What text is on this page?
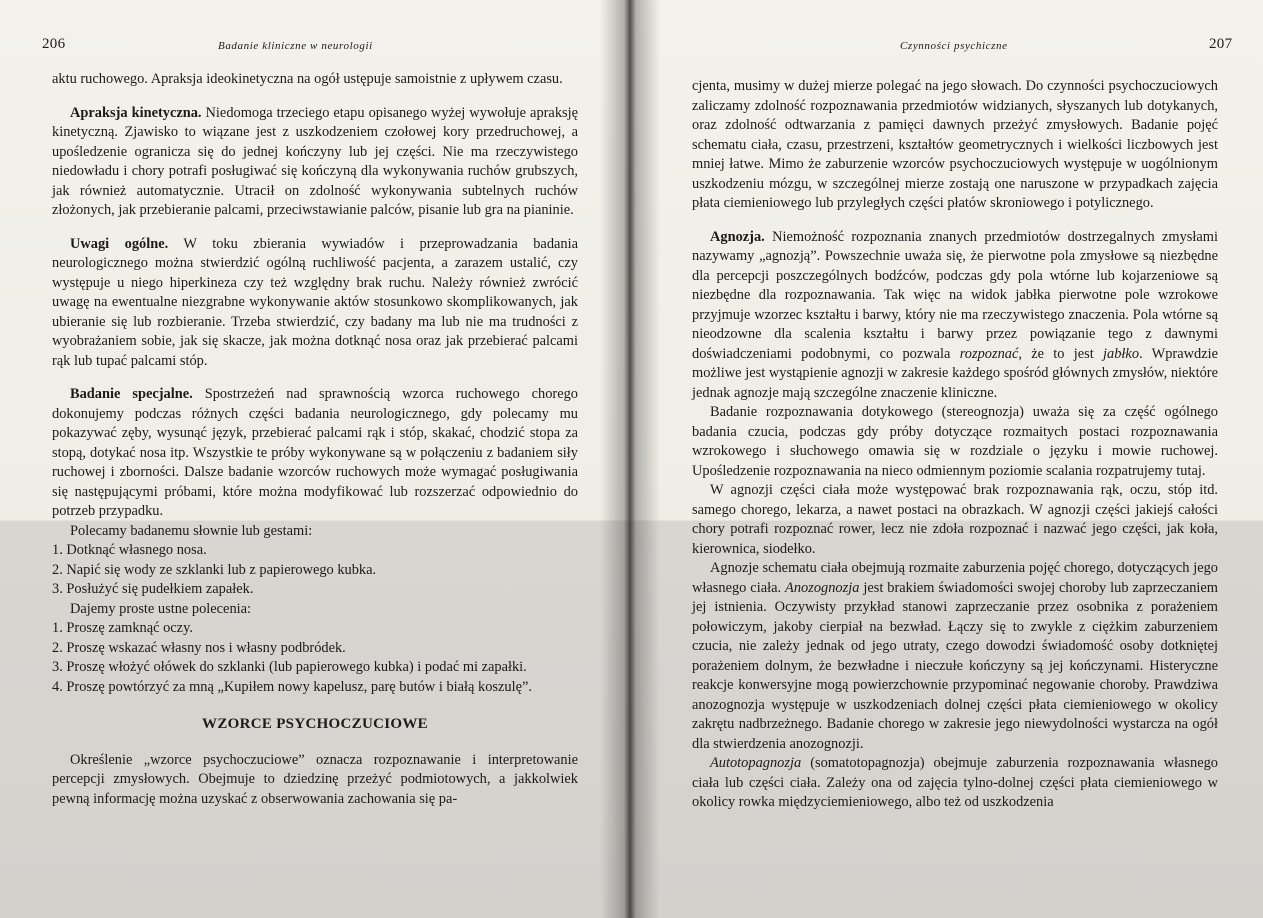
206	Badanie kliniczne w neurologii

aktu ruchowego. Apraksja ideokinetyczna na ogół ustępuje samoistnie z upływem czasu.

Apraksja kinetyczna. Niedomoga trzeciego etapu opisanego wyżej wywołuje apraksję kinetyczną. Zjawisko to wiązane jest z uszkodzeniem czołowej kory przedruchowej, a upośledzenie ogranicza się do jednej kończyny lub jej części. Nie ma rzeczywistego niedowładu i chory potrafi posługiwać się kończyną dla wykonywania ruchów grubszych, jak również automatycznie. Utracił on zdolność wykonywania subtelnych ruchów złożonych, jak przebieranie palcami, przeciwstawianie palców, pisanie lub gra na pianinie.

Uwagi ogólne. W toku zbierania wywiadów i przeprowadzania badania neurologicznego można stwierdzić ogólną ruchliwość pacjenta, a zarazem ustalić, czy występuje u niego hiperkineza czy też względny brak ruchu. Należy również zwrócić uwagę na ewentualne niezgrabne wykonywanie aktów stosunkowo skomplikowanych, jak ubieranie się lub rozbieranie. Trzeba stwierdzić, czy badany ma lub nie ma trudności z wyobrażaniem sobie, jak się skacze, jak można dotknąć nosa oraz jak przebierać palcami rąk lub tupać palcami stóp.

Badanie specjalne. Spostrzeżeń nad sprawnością wzorca ruchowego chorego dokonujemy podczas różnych części badania neurologicznego, gdy polecamy mu pokazywać zęby, wysunąć język, przebierać palcami rąk i stóp, skakać, chodzić stopa za stopą, dotykać nosa itp. Wszystkie te próby wykonywane są w połączeniu z badaniem siły ruchowej i zborności. Dalsze badanie wzorców ruchowych może wymagać posługiwania się następującymi próbami, które można modyfikować lub rozszerzać odpowiednio do potrzeb przypadku.

Polecamy badanemu słownie lub gestami:

1. Dotknąć własnego nosa.
2. Napić się wody ze szklanki lub z papierowego kubka.
3. Posłużyć się pudełkiem zapałek.

Dajemy proste ustne polecenia:

1. Proszę zamknąć oczy.
2. Proszę wskazać własny nos i własny podbródek.
3. Proszę włożyć ołówek do szklanki (lub papierowego kubka) i podać mi zapałki.
4. Proszę powtórzyć za mną „Kupiłem nowy kapelusz, parę butów i białą koszulę”.
WZORCE PSYCHOCZUCIOWE

Określenie „wzorce psychoczuciowe” oznacza rozpoznawanie i interpretowanie percepcji zmysłowych. Obejmuje to dziedzinę przeżyć podmiotowych, a jakkolwiek pewną informację można uzyskać z obserwowania zachowania się pa-

Czynności psychiczne	207

cjenta, musimy w dużej mierze polegać na jego słowach. Do czynności psychoczuciowych zaliczamy zdolność rozpoznawania przedmiotów widzianych, słyszanych lub dotykanych, oraz zdolność odtwarzania z pamięci dawnych przeżyć zmysłowych. Badanie pojęć schematu ciała, czasu, przestrzeni, kształtów geometrycznych i wielkości liczbowych jest mniej łatwe. Mimo że zaburzenie wzorców psychoczuciowych występuje w uogólnionym uszkodzeniu mózgu, w szczególnej mierze zostają one naruszone w przypadkach zajęcia płata ciemieniowego lub przyległych części płatów skroniowego i potylicznego.

Agnozja. Niemożność rozpoznania znanych przedmiotów dostrzegalnych zmysłami nazywamy „agnozją”. Powszechnie uważa się, że pierwotne pola zmysłowe są niezbędne dla percepcji poszczególnych bodźców, podczas gdy pola wtórne lub kojarzeniowe są niezbędne dla rozpoznawania. Tak więc na widok jabłka pierwotne pole wzrokowe przyjmuje wzorzec kształtu i barwy, który nie ma rzeczywistego znaczenia. Pola wtórne są nieodzowne dla scalenia kształtu i barwy przez powiązanie tego z dawnymi doświadczeniami podobnymi, co pozwala rozpoznać, że to jest jabłko. Wprawdzie możliwe jest wystąpienie agnozji w zakresie każdego spośród głównych zmysłów, niektóre jednak agnozje mają szczególne znaczenie kliniczne.

Badanie rozpoznawania dotykowego (stereognozja) uważa się za część ogólnego badania czucia, podczas gdy próby dotyczące rozmaitych postaci rozpoznawania wzrokowego i słuchowego omawia się w rozdziale o języku i mowie ruchowej. Upośledzenie rozpoznawania na nieco odmiennym poziomie scalania rozpatrujemy tutaj.

W agnozji części ciała może występować brak rozpoznawania rąk, oczu, stóp itd. samego chorego, lekarza, a nawet postaci na obrazkach. W agnozji części jakiejś całości chory potrafi rozpoznać rower, lecz nie zdoła rozpoznać i nazwać jego części, jak koła, kierownica, siodełko.

Agnozje schematu ciała obejmują rozmaite zaburzenia pojęć chorego, dotyczących jego własnego ciała. Anozognozja jest brakiem świadomości swojej choroby lub zaprzeczaniem jej istnienia. Oczywisty przykład stanowi zaprzeczanie przez osobnika z porażeniem połowiczym, jakoby cierpiał na bezwład. Łączy się to zwykle z ciężkim zaburzeniem czucia, nie zależy jednak od jego utraty, czego dowodzi świadomość osoby dotkniętej porażeniem dolnym, że bezwładne i nieczułe kończyny są jej kończynami. Histeryczne reakcje konwersyjne mogą powierzchownie przypominać negowanie choroby. Prawdziwa anozognozja występuje w uszkodzeniach dolnej części płata ciemieniowego w okolicy zakrętu nadbrzeżnego. Badanie chorego w zakresie jego niewydolności wystarcza na ogół dla stwierdzenia anozognozji.

Autotopagnozja (somatotopagnozja) obejmuje zaburzenia rozpoznawania własnego ciała lub części ciała. Zależy ona od zajęcia tylno-dolnej części płata ciemieniowego w okolicy rowka międzyciemieniowego, albo też od uszkodzenia
